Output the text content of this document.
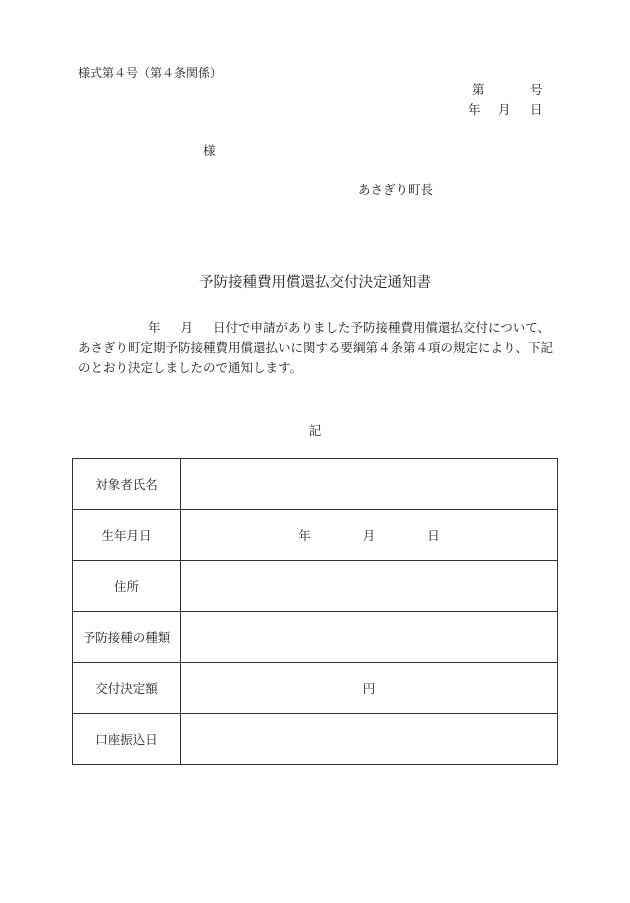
様式第４号（第４条関係）
第	号
年 月 日
様
あさぎり町長
予防接種費用償還払交付決定通知書
年 月 日付で申請がありました予防接種費用償還払交付について、
あさぎり町定期予防接種費用償還払いに関する要綱第４条第４項の規定により、下記
のとおり決定しましたので通知します。
記
対象者氏名	
生年月日	年 月 日
住所	
予防接種の種類	
交付決定額	円
口座振込日	
